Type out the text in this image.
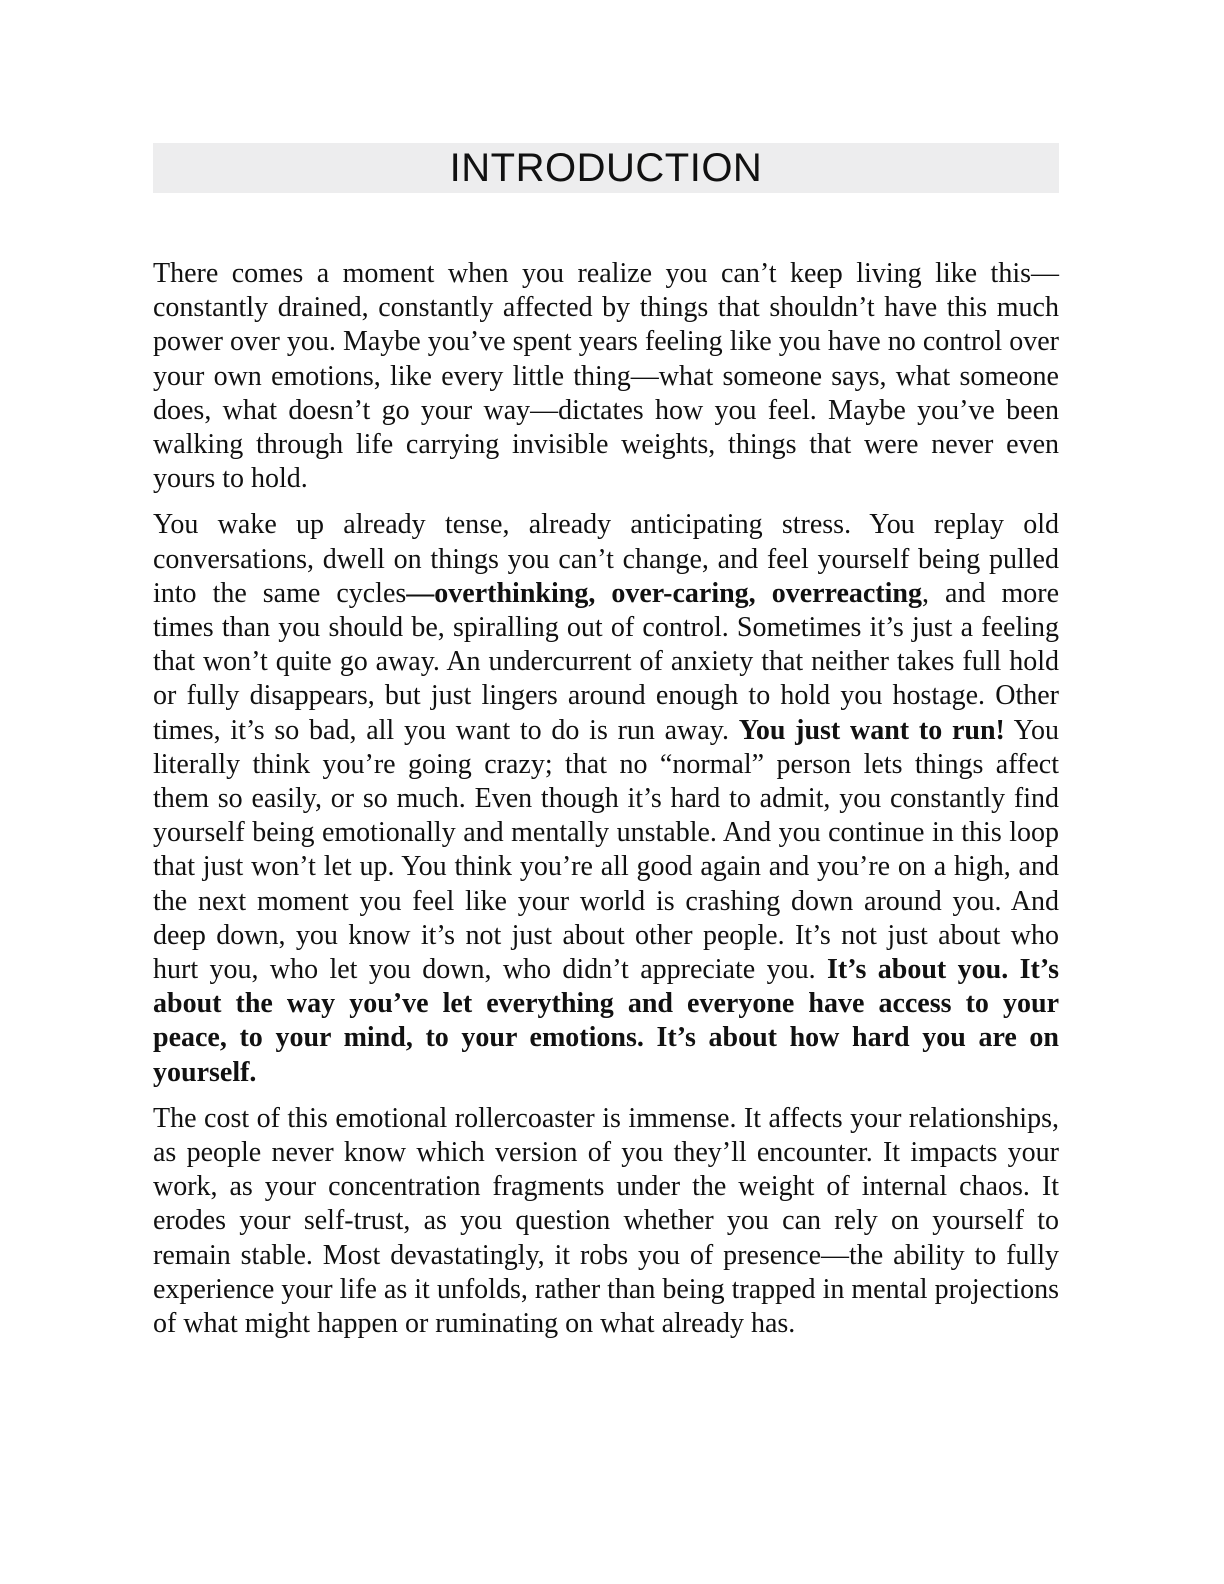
INTRODUCTION

There comes a moment when you realize you can’t keep living like this—constantly drained, constantly affected by things that shouldn’t have this much power over you. Maybe you’ve spent years feeling like you have no control over your own emotions, like every little thing—what someone says, what someone does, what doesn’t go your way—dictates how you feel. Maybe you’ve been walking through life carrying invisible weights, things that were never even yours to hold.

You wake up already tense, already anticipating stress. You replay old conversations, dwell on things you can’t change, and feel yourself being pulled into the same cycles—overthinking, over-caring, overreacting, and more times than you should be, spiralling out of control. Sometimes it’s just a feeling that won’t quite go away. An undercurrent of anxiety that neither takes full hold or fully disappears, but just lingers around enough to hold you hostage. Other times, it’s so bad, all you want to do is run away. You just want to run! You literally think you’re going crazy; that no “normal” person lets things affect them so easily, or so much. Even though it’s hard to admit, you constantly find yourself being emotionally and mentally unstable. And you continue in this loop that just won’t let up. You think you’re all good again and you’re on a high, and the next moment you feel like your world is crashing down around you. And deep down, you know it’s not just about other people. It’s not just about who hurt you, who let you down, who didn’t appreciate you. It’s about you. It’s about the way you’ve let everything and everyone have access to your peace, to your mind, to your emotions. It’s about how hard you are on yourself.

The cost of this emotional rollercoaster is immense. It affects your relationships, as people never know which version of you they’ll encounter. It impacts your work, as your concentration fragments under the weight of internal chaos. It erodes your self-trust, as you question whether you can rely on yourself to remain stable. Most devastatingly, it robs you of presence—the ability to fully experience your life as it unfolds, rather than being trapped in mental projections of what might happen or ruminating on what already has.
